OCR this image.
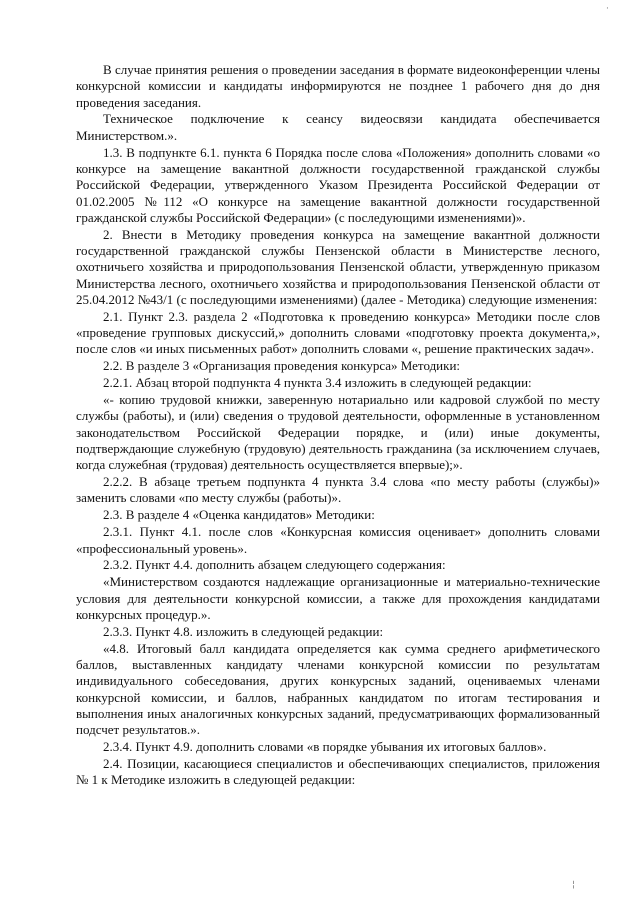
В случае принятия решения о проведении заседания в формате видеоконференции члены конкурсной комиссии и кандидаты информируются не позднее 1 рабочего дня до дня проведения заседания.

Техническое подключение к сеансу видеосвязи кандидата обеспечивается Министерством.».

1.3. В подпункте 6.1. пункта 6 Порядка после слова «Положения» дополнить словами «о конкурсе на замещение вакантной должности государственной гражданской службы Российской Федерации, утвержденного Указом Президента Российской Федерации от 01.02.2005 №112 «О конкурсе на замещение вакантной должности государственной гражданской службы Российской Федерации» (с последующими изменениями)».

2. Внести в Методику проведения конкурса на замещение вакантной должности государственной гражданской службы Пензенской области в Министерстве лесного, охотничьего хозяйства и природопользования Пензенской области, утвержденную приказом Министерства лесного, охотничьего хозяйства и природопользования Пензенской области от 25.04.2012 №43/1 (с последующими изменениями) (далее - Методика) следующие изменения:

2.1. Пункт 2.3. раздела 2 «Подготовка к проведению конкурса» Методики после слов «проведение групповых дискуссий,» дополнить словами «подготовку проекта документа,», после слов «и иных письменных работ» дополнить словами «, решение практических задач».

2.2. В разделе 3 «Организация проведения конкурса» Методики:

2.2.1. Абзац второй подпункта 4 пункта 3.4 изложить в следующей редакции:

«- копию трудовой книжки, заверенную нотариально или кадровой службой по месту службы (работы), и (или) сведения о трудовой деятельности, оформленные в установленном законодательством Российской Федерации порядке, и (или) иные документы, подтверждающие служебную (трудовую) деятельность гражданина (за исключением случаев, когда служебная (трудовая) деятельность осуществляется впервые);».

2.2.2. В абзаце третьем подпункта 4 пункта 3.4 слова «по месту работы (службы)» заменить словами «по месту службы (работы)».

2.3. В разделе 4 «Оценка кандидатов» Методики:

2.3.1. Пункт 4.1. после слов «Конкурсная комиссия оценивает» дополнить словами «профессиональный уровень».

2.3.2. Пункт 4.4. дополнить абзацем следующего содержания:

«Министерством создаются надлежащие организационные и материально-технические условия для деятельности конкурсной комиссии, а также для прохождения кандидатами конкурсных процедур.».

2.3.3. Пункт 4.8. изложить в следующей редакции:

«4.8. Итоговый балл кандидата определяется как сумма среднего арифметического баллов, выставленных кандидату членами конкурсной комиссии по результатам индивидуального собеседования, других конкурсных заданий, оцениваемых членами конкурсной комиссии, и баллов, набранных кандидатом по итогам тестирования и выполнения иных аналогичных конкурсных заданий, предусматривающих формализованный подсчет результатов.».

2.3.4. Пункт 4.9. дополнить словами «в порядке убывания их итоговых баллов».

2.4. Позиции, касающиеся специалистов и обеспечивающих специалистов, приложения № 1 к Методике изложить в следующей редакции:

·
¦
